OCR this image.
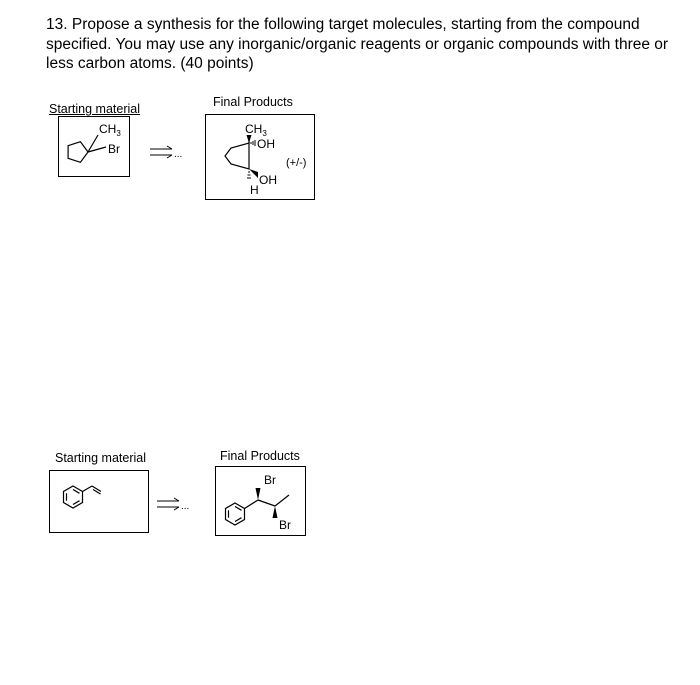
13. Propose a synthesis for the following target molecules, starting from the compound specified. You may use any inorganic/organic reagents or organic compounds with three or less carbon atoms. (40 points)

Starting material	Final Products
$CH_3$
Br	...
$CH_3$
OH
OH
H
(+/-)
Starting material	Final Products
...
Br
Br
